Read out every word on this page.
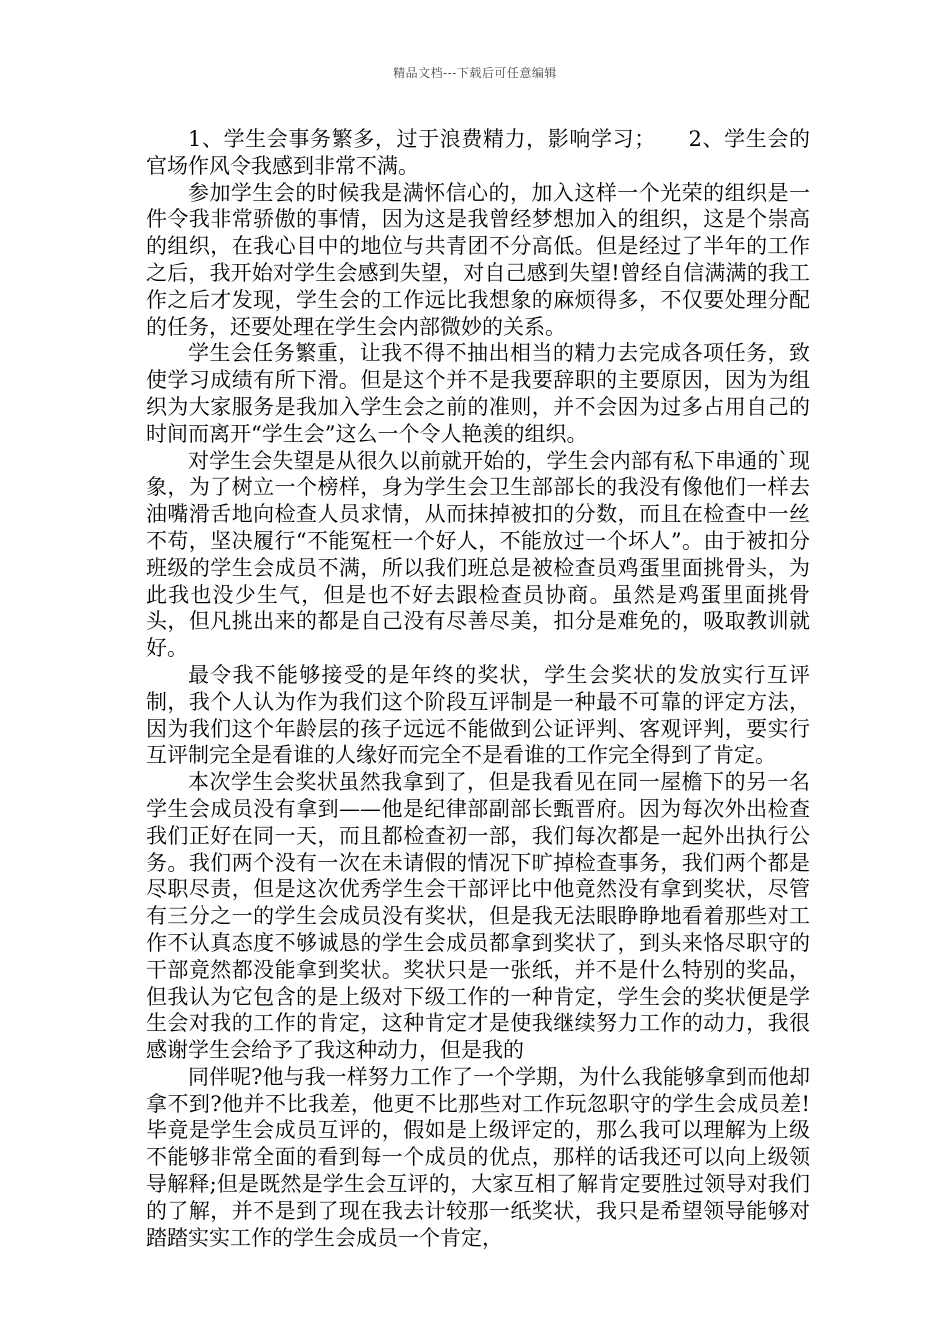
精品文档---下载后可任意编辑

1、学生会事务繁多，过于浪费精力，影响学习；　　2、学生会的官场作风令我感到非常不满。

参加学生会的时候我是满怀信心的，加入这样一个光荣的组织是一件令我非常骄傲的事情，因为这是我曾经梦想加入的组织，这是个崇高的组织，在我心目中的地位与共青团不分高低。但是经过了半年的工作之后，我开始对学生会感到失望，对自己感到失望!曾经自信满满的我工作之后才发现，学生会的工作远比我想象的麻烦得多，不仅要处理分配的任务，还要处理在学生会内部微妙的关系。

学生会任务繁重，让我不得不抽出相当的精力去完成各项任务，致使学习成绩有所下滑。但是这个并不是我要辞职的主要原因，因为为组织为大家服务是我加入学生会之前的准则，并不会因为过多占用自己的时间而离开“学生会”这么一个令人艳羡的组织。

对学生会失望是从很久以前就开始的，学生会内部有私下串通的`现象，为了树立一个榜样，身为学生会卫生部部长的我没有像他们一样去油嘴滑舌地向检查人员求情，从而抹掉被扣的分数，而且在检查中一丝不苟，坚决履行“不能冤枉一个好人，不能放过一个坏人”。由于被扣分班级的学生会成员不满，所以我们班总是被检查员鸡蛋里面挑骨头，为此我也没少生气，但是也不好去跟检查员协商。虽然是鸡蛋里面挑骨头，但凡挑出来的都是自己没有尽善尽美，扣分是难免的，吸取教训就好。

最令我不能够接受的是年终的奖状，学生会奖状的发放实行互评制，我个人认为作为我们这个阶段互评制是一种最不可靠的评定方法，因为我们这个年龄层的孩子远远不能做到公证评判、客观评判，要实行互评制完全是看谁的人缘好而完全不是看谁的工作完全得到了肯定。

本次学生会奖状虽然我拿到了，但是我看见在同一屋檐下的另一名学生会成员没有拿到——他是纪律部副部长甄晋府。因为每次外出检查我们正好在同一天，而且都检查初一部，我们每次都是一起外出执行公务。我们两个没有一次在未请假的情况下旷掉检查事务，我们两个都是尽职尽责，但是这次优秀学生会干部评比中他竟然没有拿到奖状，尽管有三分之一的学生会成员没有奖状，但是我无法眼睁睁地看着那些对工作不认真态度不够诚恳的学生会成员都拿到奖状了，到头来恪尽职守的干部竟然都没能拿到奖状。奖状只是一张纸，并不是什么特别的奖品，但我认为它包含的是上级对下级工作的一种肯定，学生会的奖状便是学生会对我的工作的肯定，这种肯定才是使我继续努力工作的动力，我很感谢学生会给予了我这种动力，但是我的

同伴呢?他与我一样努力工作了一个学期，为什么我能够拿到而他却拿不到?他并不比我差，他更不比那些对工作玩忽职守的学生会成员差!毕竟是学生会成员互评的，假如是上级评定的，那么我可以理解为上级不能够非常全面的看到每一个成员的优点，那样的话我还可以向上级领导解释;但是既然是学生会互评的，大家互相了解肯定要胜过领导对我们的了解，并不是到了现在我去计较那一纸奖状，我只是希望领导能够对踏踏实实工作的学生会成员一个肯定，
